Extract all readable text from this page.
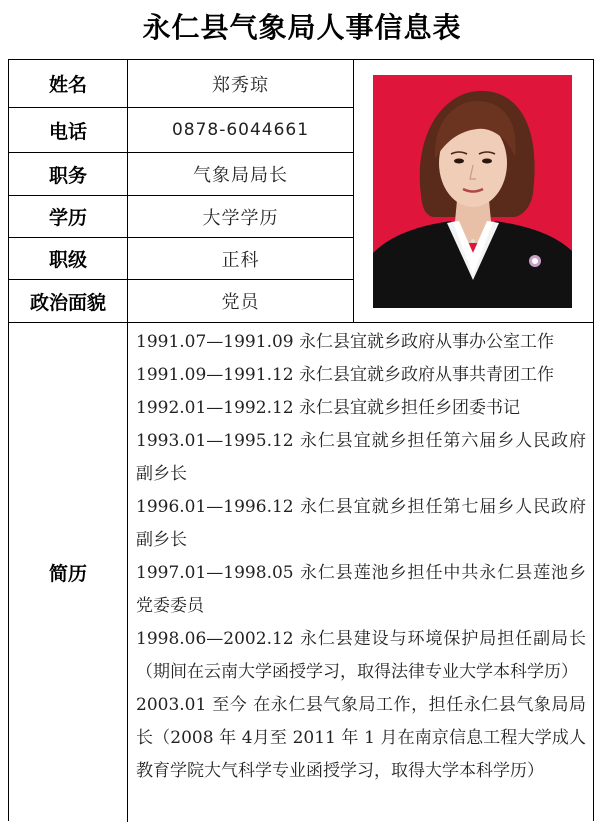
永仁县气象局人事信息表
姓名	郑秀琼
电话	0878-6044661
职务	气象局局长
学历	大学学历
职级	正科
政治面貌	党员
简历

1991.07—1991.09 永仁县宜就乡政府从事办公室工作

1991.09—1991.12 永仁县宜就乡政府从事共青团工作

1992.01—1992.12 永仁县宜就乡担任乡团委书记

1993.01—1995.12 永仁县宜就乡担任第六届乡人民政府副乡长

1996.01—1996.12 永仁县宜就乡担任第七届乡人民政府副乡长

1997.01—1998.05 永仁县莲池乡担任中共永仁县莲池乡党委委员

1998.06—2002.12 永仁县建设与环境保护局担任副局长（期间在云南大学函授学习，取得法律专业大学本科学历）

2003.01 至今 在永仁县气象局工作，担任永仁县气象局局长（2008 年 4月至 2011 年 1 月在南京信息工程大学成人教育学院大气科学专业函授学习，取得大学本科学历）
